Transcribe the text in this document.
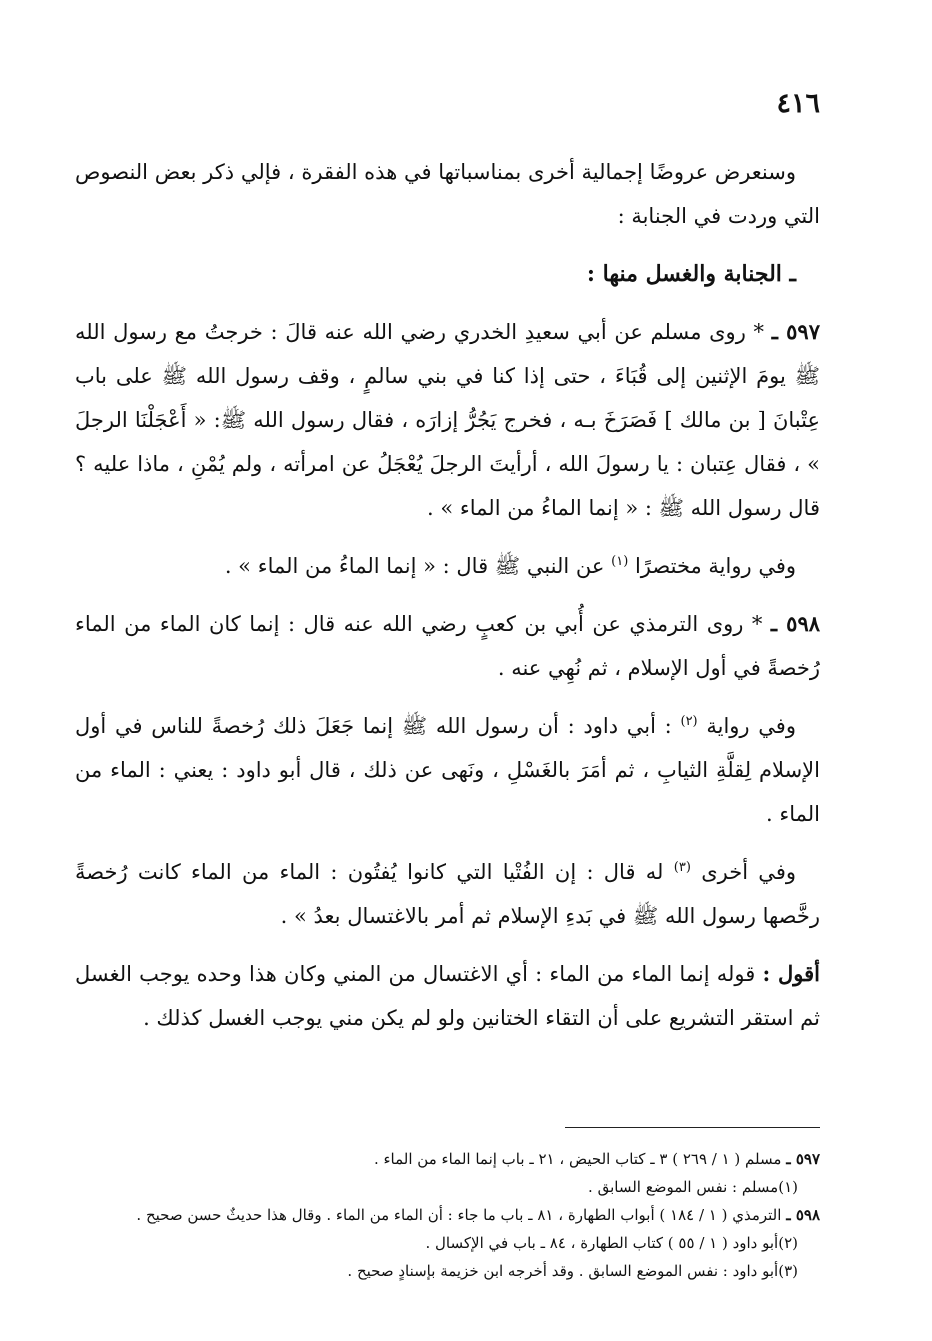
٤١٦

وسنعرض عروضًا إجمالية أخرى بمناسباتها في هذه الفقرة ، فإلي ذكر بعض النصوص التي وردت في الجنابة :

ـ الجنابة والغسل منها :

٥٩٧ ـ * روى مسلم عن أبي سعيدِ الخدري رضي الله عنه قالَ : خرجتُ مع رسول الله ﷺ يومَ الإثنين إلى قُبَاءَ ، حتى إذا كنا في بني سالمٍ ، وقف رسول الله ﷺ على باب عِتْبانَ [ بن مالك ] فَصَرَخَ بـه ، فخرج يَجُرُّ إزارَه ، فقال رسول الله ﷺ: « أَعْجَلْنَا الرجلَ » ، فقال عِتبان : يا رسولَ الله ، أرأيتَ الرجلَ يُعْجَلُ عن امرأته ، ولم يُمْنِ ، ماذا عليه ؟ قال رسول الله ﷺ : « إنما الماءُ من الماء » .

وفي رواية مختصرًا $^{(١)}$ عن النبي ﷺ قال : « إنما الماءُ من الماء » .

٥٩٨ ـ * روى الترمذي عن أُبي بن كعبٍ رضي الله عنه قال : إنما كان الماء من الماء رُخصةً في أول الإسلام ، ثم نُهِي عنه .

وفي رواية $^{(٢)}$ : أبي داود : أن رسول الله ﷺ إنما جَعَلَ ذلك رُخصةً للناس في أول الإسلام لِقلَّةِ الثيابِ ، ثم أمَرَ بالغَسْلِ ، ونَهى عن ذلك ، قال أبو داود : يعني : الماء من الماء .

وفي أخرى $^{(٣)}$ له قال : إن الفُتْيا التي كانوا يُفتُون : الماء من الماء كانت رُخصةً رخَّصها رسول الله ﷺ في بَدءِ الإسلام ثم أمر بالاغتسال بعدُ » .

أقول : قوله إنما الماء من الماء : أي الاغتسال من المني وكان هذا وحده يوجب الغسل ثم استقر التشريع على أن التقاء الختانين ولو لم يكن مني يوجب الغسل كذلك .

٥٩٧ ـ مسلم ( ١ / ٢٦٩ ) ٣ ـ كتاب الحيض ، ٢١ ـ باب إنما الماء من الماء .
(١)مسلم : نفس الموضع السابق .
٥٩٨ ـ الترمذي ( ١ / ١٨٤ ) أبواب الطهارة ، ٨١ ـ باب ما جاء : أن الماء من الماء . وقال هذا حديثٌ حسن صحيح .
(٢)أبو داود ( ١ / ٥٥ ) كتاب الطهارة ، ٨٤ ـ باب في الإكسال .
(٣)أبو داود : نفس الموضع السابق . وقد أخرجه ابن خزيمة بإسنادٍ صحيح .
